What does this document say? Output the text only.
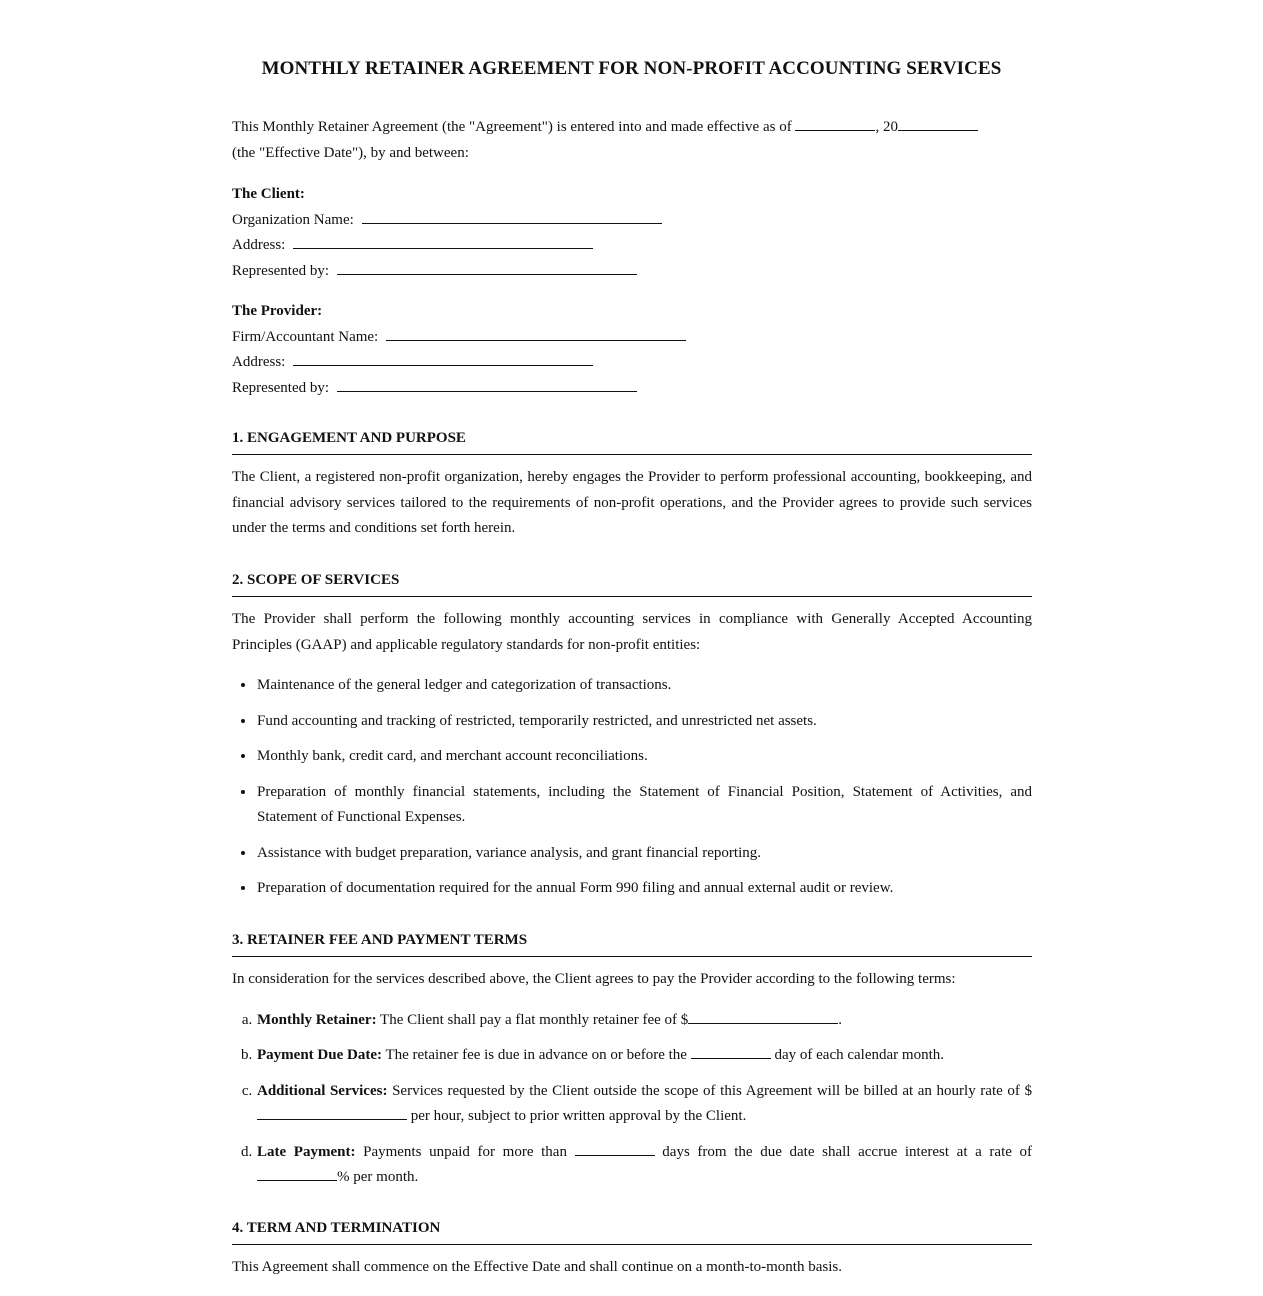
MONTHLY RETAINER AGREEMENT FOR NON-PROFIT ACCOUNTING SERVICES

This Monthly Retainer Agreement (the "Agreement") is entered into and made effective as of	, 20
(the "Effective Date"), by and between:

The Client:
Organization Name:
Address:
Represented by:
The Provider:
Firm/Accountant Name:
Address:
Represented by:
1. ENGAGEMENT AND PURPOSE

The Client, a registered non-profit organization, hereby engages the Provider to perform professional accounting, bookkeeping, and financial advisory services tailored to the requirements of non-profit operations, and the Provider agrees to provide such services under the terms and conditions set forth herein.

2. SCOPE OF SERVICES

The Provider shall perform the following monthly accounting services in compliance with Generally Accepted Accounting Principles (GAAP) and applicable regulatory standards for non-profit entities:

• Maintenance of the general ledger and categorization of transactions.
• Fund accounting and tracking of restricted, temporarily restricted, and unrestricted net assets.
• Monthly bank, credit card, and merchant account reconciliations.
• Preparation of monthly financial statements, including the Statement of Financial Position, Statement of Activities, and Statement of Functional Expenses.
• Assistance with budget preparation, variance analysis, and grant financial reporting.
• Preparation of documentation required for the annual Form 990 filing and annual external audit or review.
3. RETAINER FEE AND PAYMENT TERMS

In consideration for the services described above, the Client agrees to pay the Provider according to the following terms:

a. Monthly Retainer: The Client shall pay a flat monthly retainer fee of $	.
b. Payment Due Date: The retainer fee is due in advance on or before the	day of each calendar month.
c. Additional Services: Services requested by the Client outside the scope of this Agreement will be billed at an hourly rate of $ per hour, subject to prior written approval by the Client.
d. Late Payment: Payments unpaid for more than	days from the due date shall accrue interest at a rate of % per month.
4. TERM AND TERMINATION

This Agreement shall commence on the Effective Date and shall continue on a month-to-month basis.
